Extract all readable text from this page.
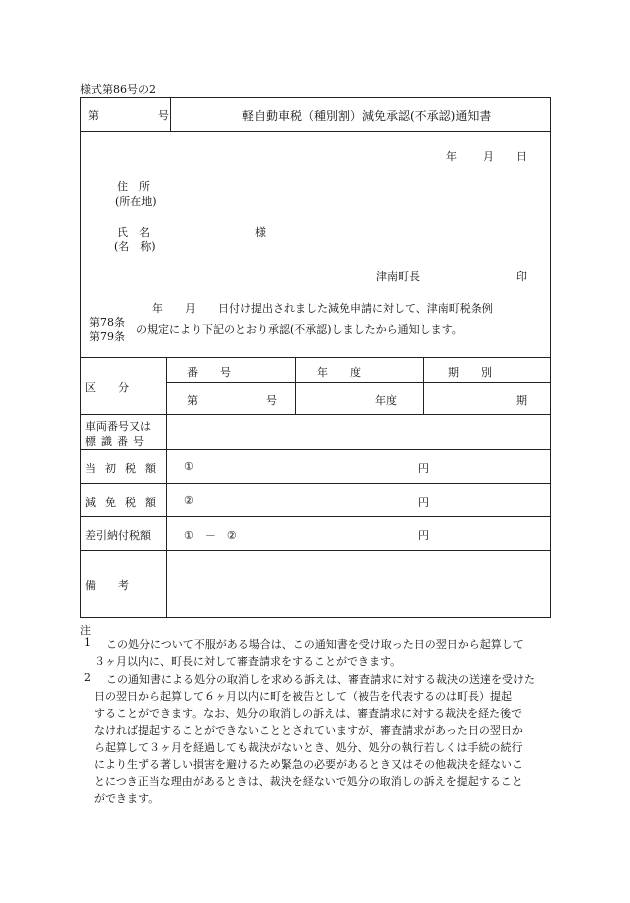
様式第86号の2
第	号	軽自動車税（種別割）減免承認(不承認)通知書
年 月 日
住　所
(所在地)
氏　名
(名　称)
様
津南町長	印
年　　月　　日付け提出されました減免申請に対して、津南町税条例
第78条
第79条
の規定により下記のとおり承認(不承認)しましたから通知します。
区　　分
番　　号	年　　度	期　　別
第	号	年度	期
車両番号又は
標識番号
当初税額 ①	円
減免税額 ②	円
差引納付税額	①　－　②	円
備　　考
注
1 この処分について不服がある場合は、この通知書を受け取った日の翌日から起算して
３ヶ月以内に、町長に対して審査請求をすることができます。
2 この通知書による処分の取消しを求める訴えは、審査請求に対する裁決の送達を受けた
日の翌日から起算して６ヶ月以内に町を被告として（被告を代表するのは町長）提起
することができます。なお、処分の取消しの訴えは、審査請求に対する裁決を経た後で
なければ提起することができないこととされていますが、審査請求があった日の翌日か
ら起算して３ヶ月を経過しても裁決がないとき、処分、処分の執行若しくは手続の続行
により生ずる著しい損害を避けるため緊急の必要があるとき又はその他裁決を経ないこ
とにつき正当な理由があるときは、裁決を経ないで処分の取消しの訴えを提起すること
ができます。
